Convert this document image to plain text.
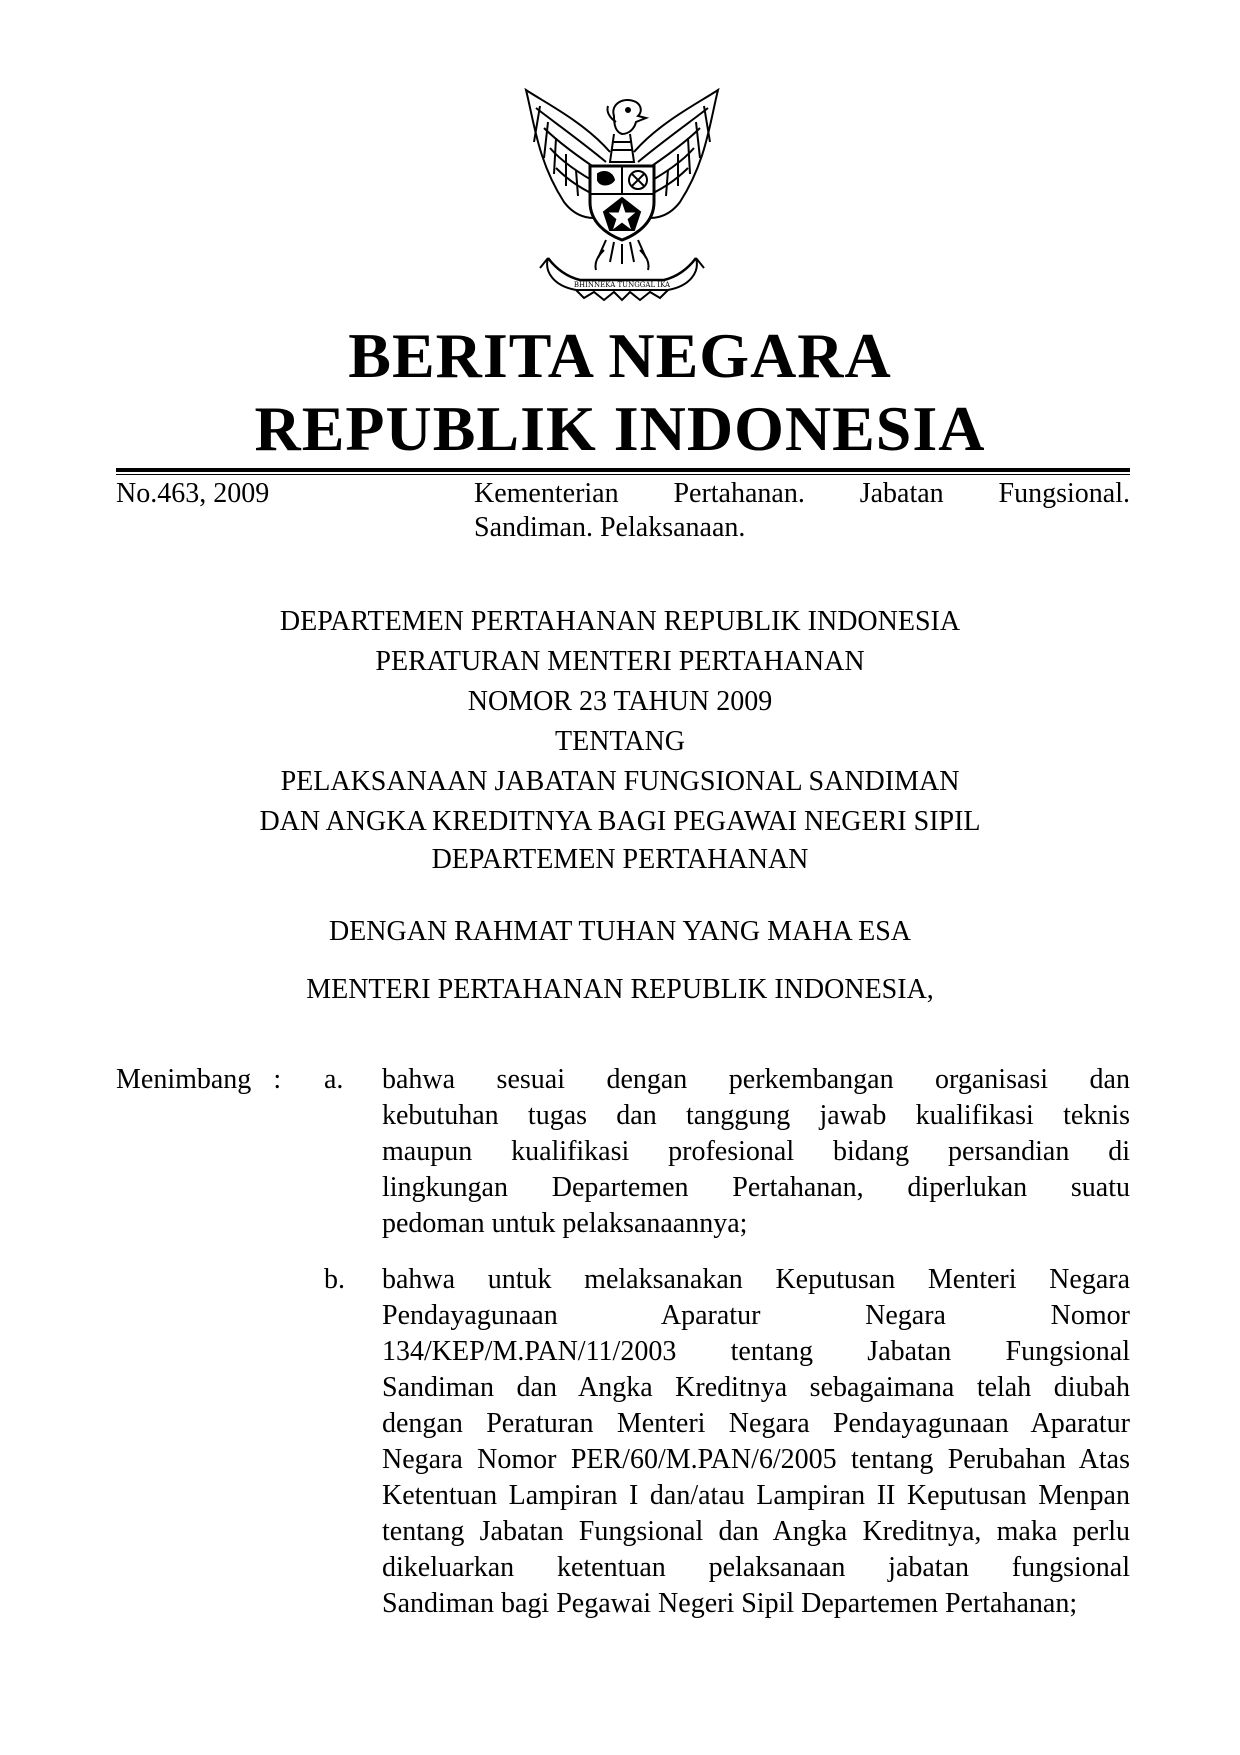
BHINNEKA TUNGGAL IKA
BERITA NEGARA
REPUBLIK INDONESIA
No.463, 2009	Kementerian Pertahanan. Jabatan Fungsional.
Sandiman. Pelaksanaan.
DEPARTEMEN PERTAHANAN REPUBLIK INDONESIA
PERATURAN MENTERI PERTAHANAN
NOMOR 23 TAHUN 2009
TENTANG
PELAKSANAAN JABATAN FUNGSIONAL SANDIMAN
DAN ANGKA KREDITNYA BAGI PEGAWAI NEGERI SIPIL
DEPARTEMEN PERTAHANAN
DENGAN RAHMAT TUHAN YANG MAHA ESA
MENTERI PERTAHANAN REPUBLIK INDONESIA,
Menimbang : a. bahwa sesuai dengan perkembangan organisasi dan
kebutuhan tugas dan tanggung jawab kualifikasi teknis
maupun kualifikasi profesional bidang persandian di
lingkungan Departemen Pertahanan, diperlukan suatu
pedoman untuk pelaksanaannya;
b. bahwa untuk melaksanakan Keputusan Menteri Negara
Pendayagunaan Aparatur Negara Nomor
134/KEP/M.PAN/11/2003 tentang Jabatan Fungsional
Sandiman dan Angka Kreditnya sebagaimana telah diubah
dengan Peraturan Menteri Negara Pendayagunaan Aparatur
Negara Nomor PER/60/M.PAN/6/2005 tentang Perubahan Atas
Ketentuan Lampiran I dan/atau Lampiran II Keputusan Menpan
tentang Jabatan Fungsional dan Angka Kreditnya, maka perlu
dikeluarkan ketentuan pelaksanaan jabatan fungsional
Sandiman bagi Pegawai Negeri Sipil Departemen Pertahanan;
